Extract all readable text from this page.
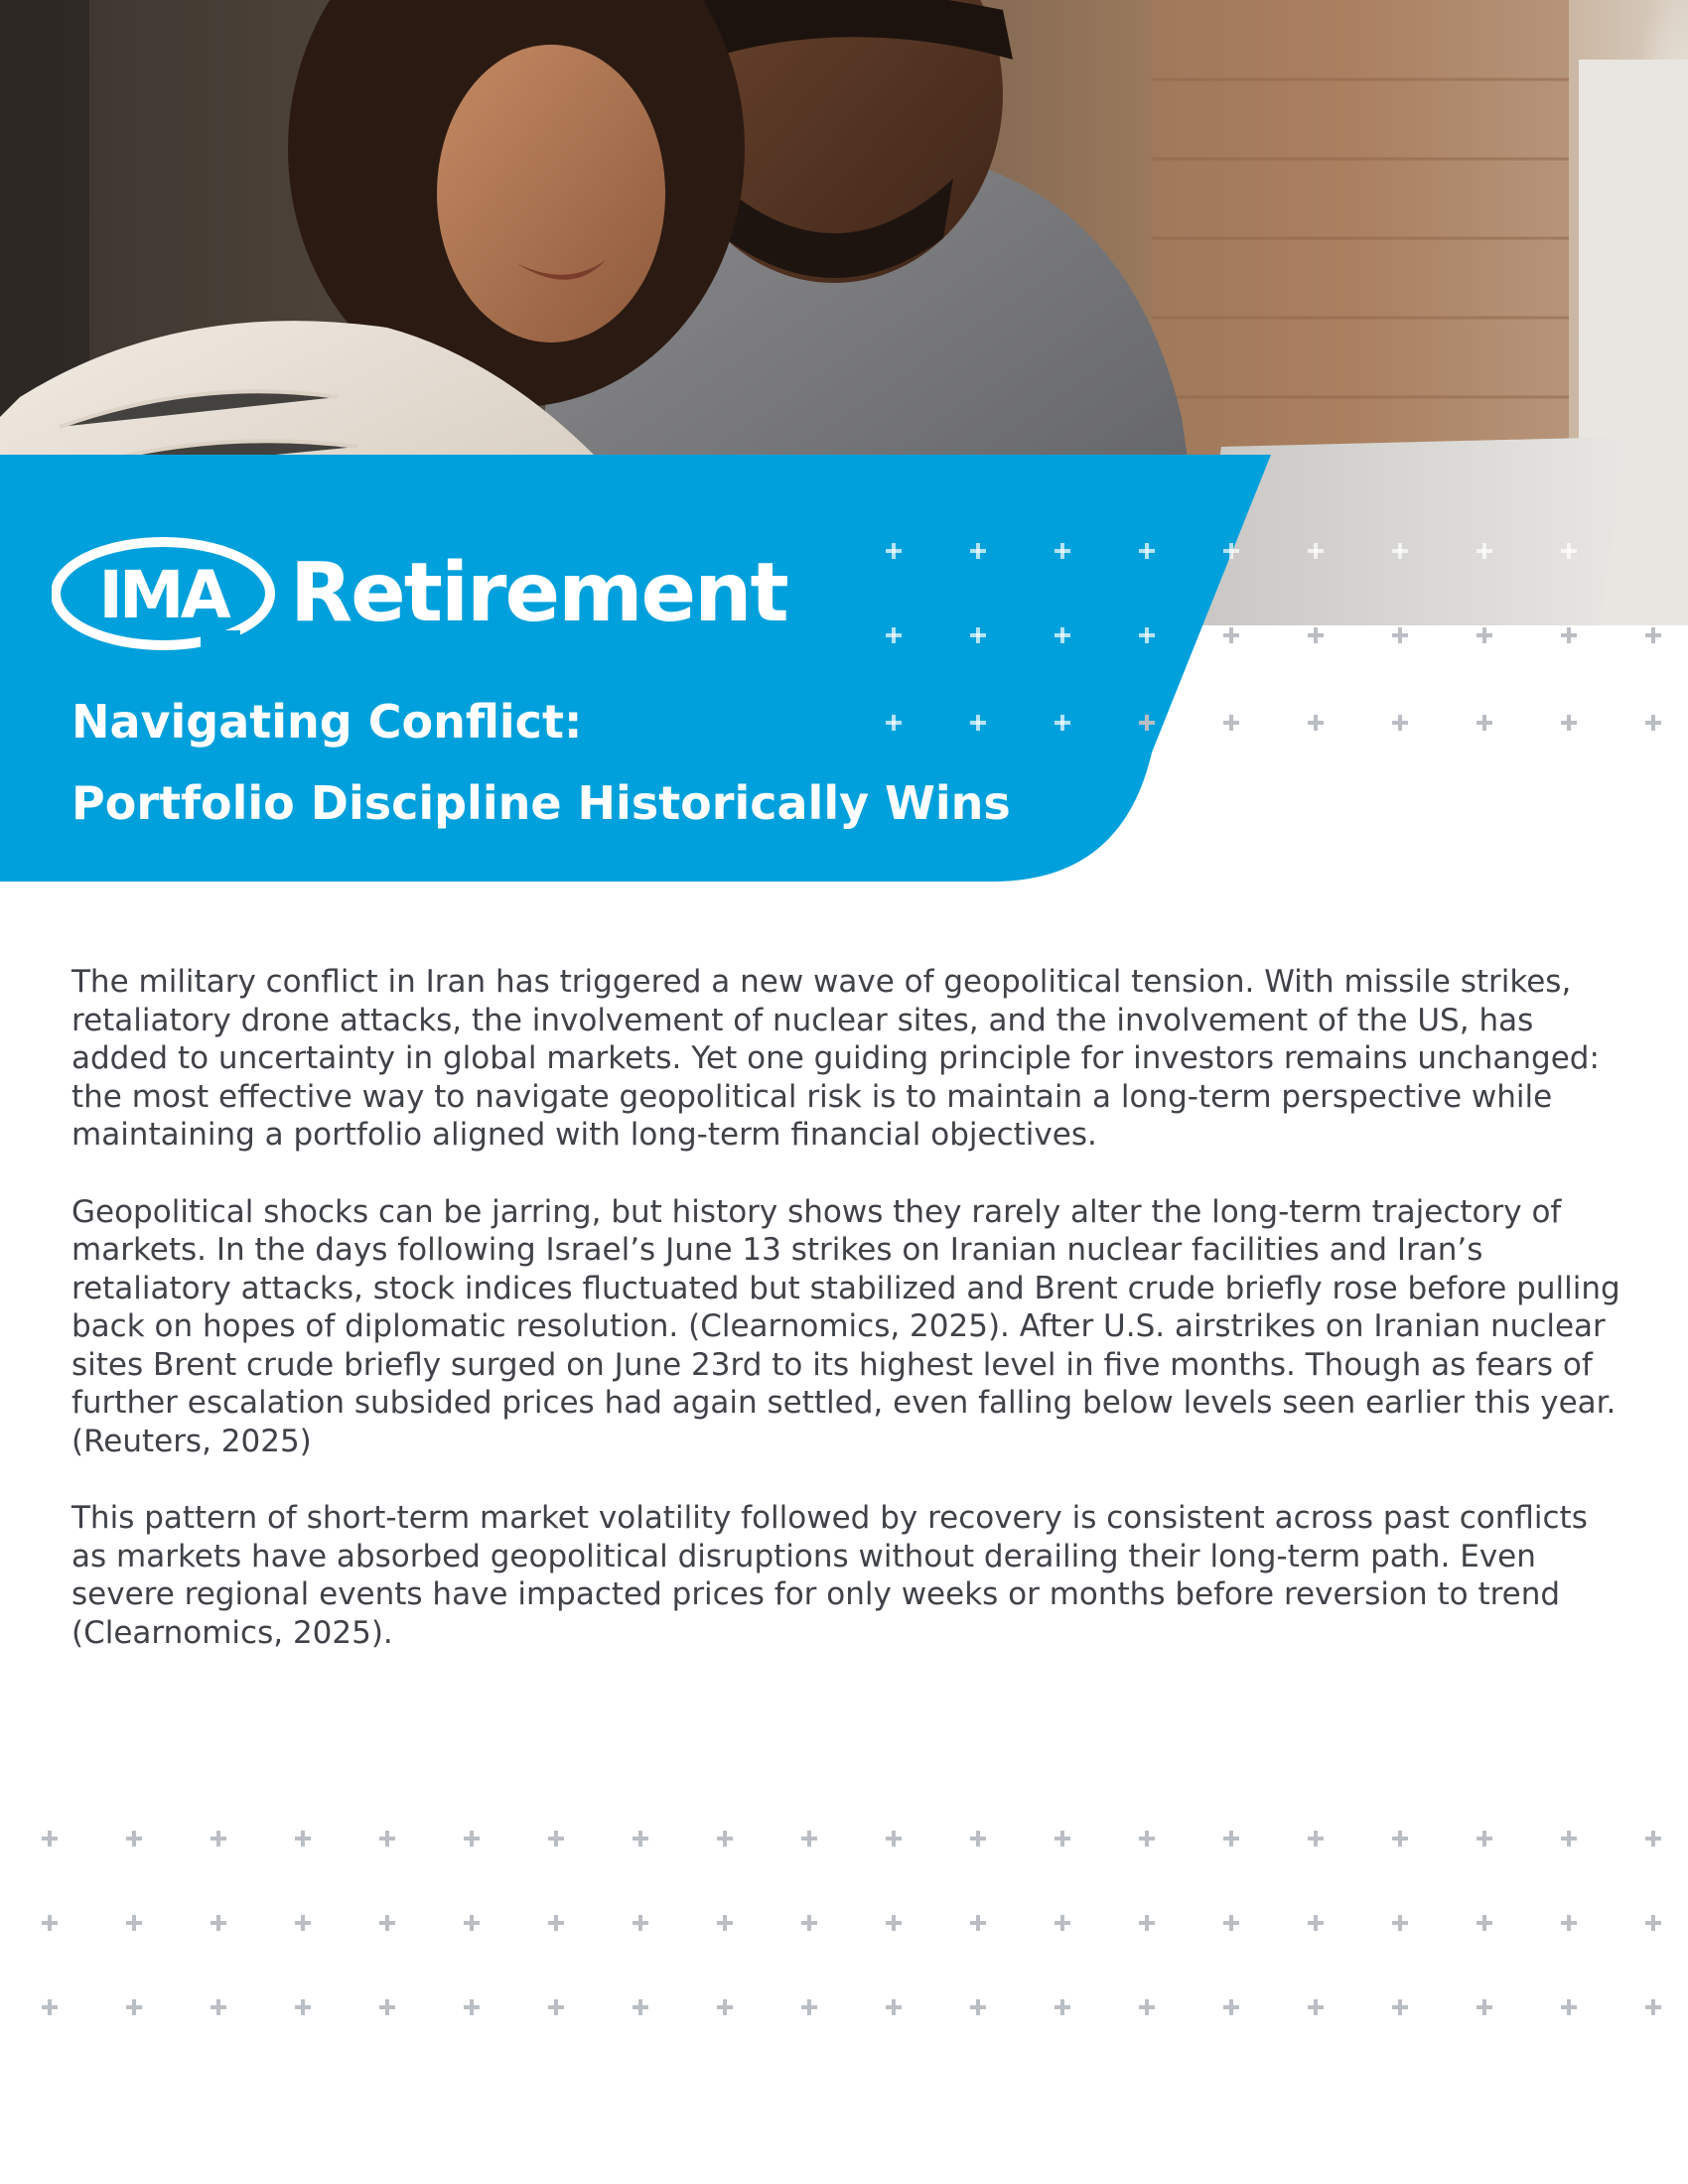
IMA Retirement
Navigating Conflict:
Portfolio Discipline Historically Wins

The military conflict in Iran has triggered a new wave of geopolitical tension. With missile strikes, retaliatory drone attacks, the involvement of nuclear sites, and the involvement of the US, has added to uncertainty in global markets. Yet one guiding principle for investors remains unchanged: the most effective way to navigate geopolitical risk is to maintain a long-term perspective while maintaining a portfolio aligned with long-term financial objectives.

Geopolitical shocks can be jarring, but history shows they rarely alter the long-term trajectory of markets. In the days following Israel’s June 13 strikes on Iranian nuclear facilities and Iran’s retaliatory attacks, stock indices fluctuated but stabilized and Brent crude briefly rose before pulling back on hopes of diplomatic resolution. (Clearnomics, 2025). After U.S. airstrikes on Iranian nuclear sites Brent crude briefly surged on June 23rd to its highest level in five months. Though as fears of further escalation subsided prices had again settled, even falling below levels seen earlier this year. (Reuters, 2025)

This pattern of short-term market volatility followed by recovery is consistent across past conflicts as markets have absorbed geopolitical disruptions without derailing their long-term path. Even severe regional events have impacted prices for only weeks or months before reversion to trend (Clearnomics, 2025).
